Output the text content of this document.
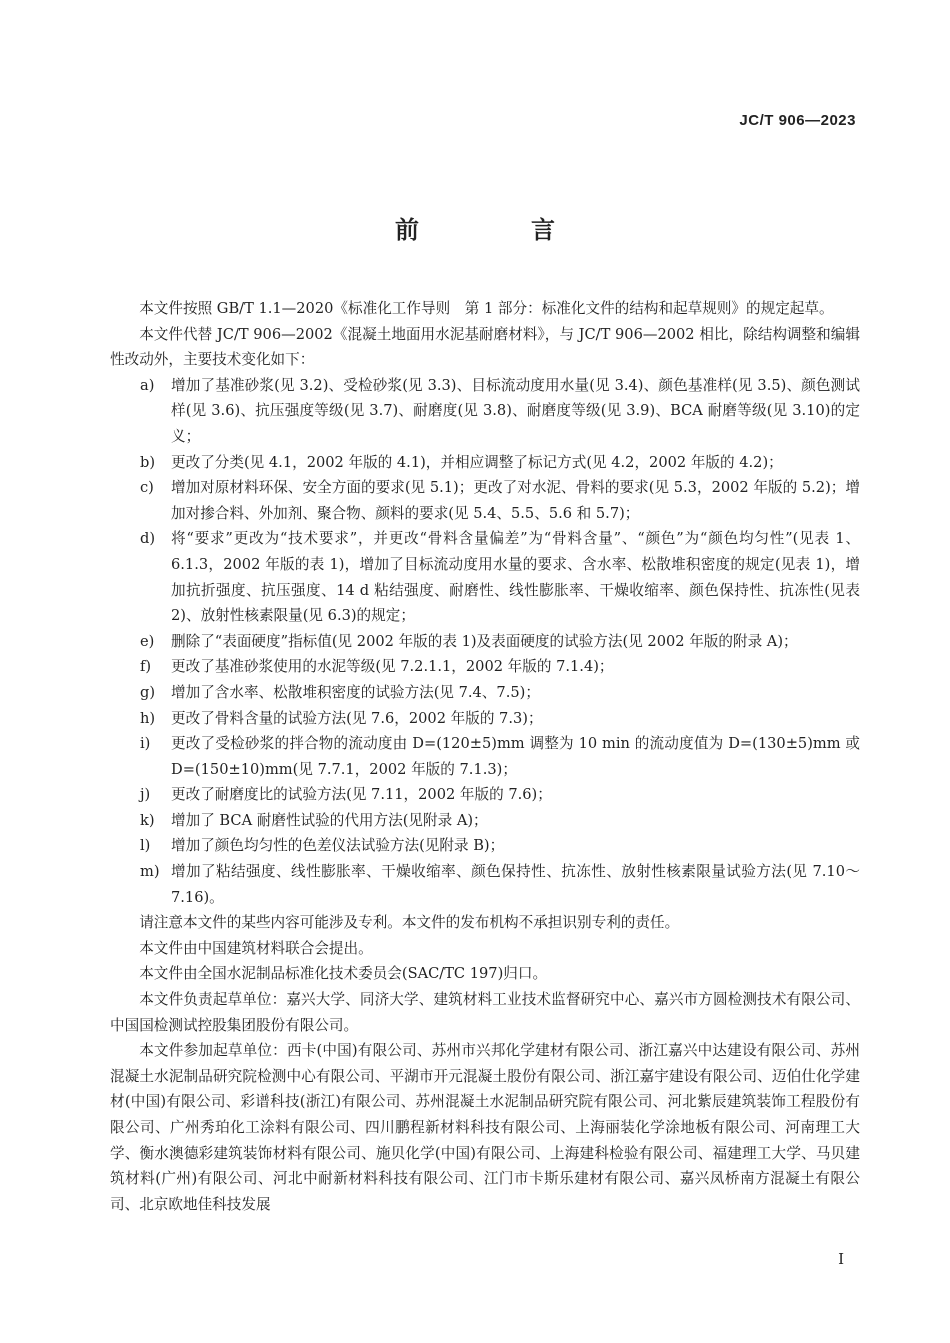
JC/T 906—2023
前　言

本文件按照 GB/T 1.1—2020《标准化工作导则　第 1 部分：标准化文件的结构和起草规则》的规定起草。

本文件代替 JC/T 906—2002《混凝土地面用水泥基耐磨材料》，与 JC/T 906—2002 相比，除结构调整和编辑性改动外，主要技术变化如下：

a)	增加了基准砂浆(见 3.2)、受检砂浆(见 3.3)、目标流动度用水量(见 3.4)、颜色基准样(见 3.5)、颜色测试样(见 3.6)、抗压强度等级(见 3.7)、耐磨度(见 3.8)、耐磨度等级(见 3.9)、BCA 耐磨等级(见 3.10)的定义；
b)	更改了分类(见 4.1，2002 年版的 4.1)，并相应调整了标记方式(见 4.2，2002 年版的 4.2)；
c)	增加对原材料环保、安全方面的要求(见 5.1)；更改了对水泥、骨料的要求(见 5.3，2002 年版的 5.2)；增加对掺合料、外加剂、聚合物、颜料的要求(见 5.4、5.5、5.6 和 5.7)；
d)	将“要求”更改为“技术要求”，并更改“骨料含量偏差”为“骨料含量”、“颜色”为“颜色均匀性”(见表 1、6.1.3，2002 年版的表 1)，增加了目标流动度用水量的要求、含水率、松散堆积密度的规定(见表 1)，增加抗折强度、抗压强度、14 d 粘结强度、耐磨性、线性膨胀率、干燥收缩率、颜色保持性、抗冻性(见表 2)、放射性核素限量(见 6.3)的规定；
e)	删除了“表面硬度”指标值(见 2002 年版的表 1)及表面硬度的试验方法(见 2002 年版的附录 A)；
f)	更改了基准砂浆使用的水泥等级(见 7.2.1.1，2002 年版的 7.1.4)；
g)	增加了含水率、松散堆积密度的试验方法(见 7.4、7.5)；
h)	更改了骨料含量的试验方法(见 7.6，2002 年版的 7.3)；
i)	更改了受检砂浆的拌合物的流动度由 D=(120±5)mm 调整为 10 min 的流动度值为 D=(130±5)mm 或 D=(150±10)mm(见 7.7.1，2002 年版的 7.1.3)；
j)	更改了耐磨度比的试验方法(见 7.11，2002 年版的 7.6)；
k)	增加了 BCA 耐磨性试验的代用方法(见附录 A)；
l)	增加了颜色均匀性的色差仪法试验方法(见附录 B)；
m) 增加了粘结强度、线性膨胀率、干燥收缩率、颜色保持性、抗冻性、放射性核素限量试验方法(见 7.10～7.16)。

请注意本文件的某些内容可能涉及专利。本文件的发布机构不承担识别专利的责任。

本文件由中国建筑材料联合会提出。

本文件由全国水泥制品标准化技术委员会(SAC/TC 197)归口。

本文件负责起草单位：嘉兴大学、同济大学、建筑材料工业技术监督研究中心、嘉兴市方圆检测技术有限公司、中国国检测试控股集团股份有限公司。

本文件参加起草单位：西卡(中国)有限公司、苏州市兴邦化学建材有限公司、浙江嘉兴中达建设有限公司、苏州混凝土水泥制品研究院检测中心有限公司、平湖市开元混凝土股份有限公司、浙江嘉宇建设有限公司、迈伯仕化学建材(中国)有限公司、彩谱科技(浙江)有限公司、苏州混凝土水泥制品研究院有限公司、河北紫辰建筑装饰工程股份有限公司、广州秀珀化工涂料有限公司、四川鹏程新材料科技有限公司、上海丽装化学涂地板有限公司、河南理工大学、衡水澳德彩建筑装饰材料有限公司、施贝化学(中国)有限公司、上海建科检验有限公司、福建理工大学、马贝建筑材料(广州)有限公司、河北中耐新材料科技有限公司、江门市卡斯乐建材有限公司、嘉兴凤桥南方混凝土有限公司、北京欧地佳科技发展

I
